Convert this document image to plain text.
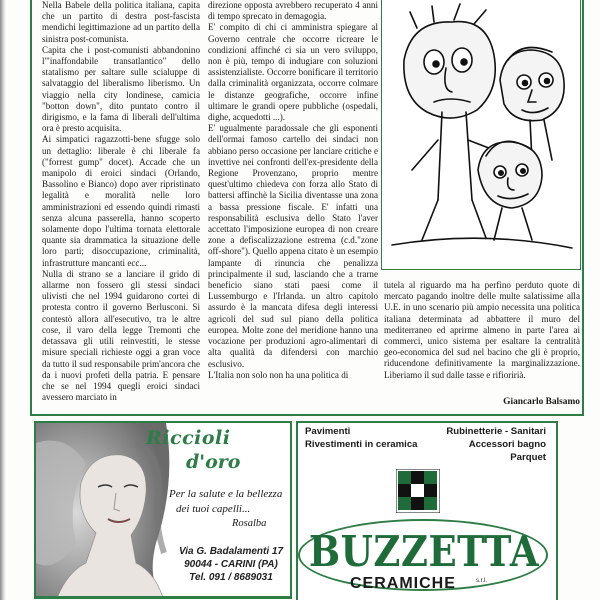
Nella Babele della politica italiana, capita che un partito di destra post-fascista mendichi legittimazione ad un partito della sinistra post-comunista.

Capita che i post-comunisti abbandonino l'"inaffondabile transatlantico" dello statalismo per saltare sulle scialuppe di salvataggio del liberalismo liberismo. Un viaggio nella city londinese, camicia "botton down", dito puntato contro il dirigismo, e la fama di liberali dell'ultima ora è presto acquisita.

Ai simpatici ragazzotti-bene sfugge solo un dettaglio: liberale è chi liberale fa ("forrest gump" docet). Accade che un manipolo di eroici sindaci (Orlando, Bassolino e Bianco) dopo aver ripristinato legalità e moralità nelle loro amministrazioni ed essendo quindi rimasti senza alcuna passerella, hanno scoperto solamente dopo l'ultima tornata elettorale quante sia drammatica la situazione delle loro parti; disoccupazione, criminalità, infrastrutture mancanti ecc...

Nulla di strano se a lanciare il grido di allarme non fossero gli stessi sindaci ulivisti che nel 1994 guidarono cortei di protesta contro il governo Berlusconi. Si contestò allora all'esecutivo, tra le altre cose, il varo della legge Tremonti che detassava gli utili reinvestiti, le stesse misure speciali richieste oggi a gran voce da tutto il sud responsabile prim'ancora che da i nuovi profeti della patria. E pensare che se nel 1994 quegli eroici sindaci avessero marciato in

direzione opposta avrebbero recuperato 4 anni di tempo sprecato in demagogia.

E' compito di chi ci amministra spiegare al Governo centrale che occorre ricreare le condizioni affinché ci sia un vero sviluppo, non è più, tempo di indugiare con soluzioni assistenzialiste. Occorre bonificare il territorio dalla criminalità organizzata, occorre colmare le distanze geografiche, occorre infine ultimare le grandi opere pubbliche (ospedali, dighe, acquedotti ...).

E' ugualmente paradossale che gli esponenti dell'ormai famoso cartello dei sindaci non abbiano perso occasione per lanciare critiche e invettive nei confronti dell'ex-presidente della Regione Provenzano, proprio mentre quest'ultimo chiedeva con forza allo Stato di battersi affinchè la Sicilia diventasse una zona a bassa pressione fiscale. E' infatti una responsabilità esclusiva dello Stato l'aver accettato l'imposizione europea di non creare zone a defiscalizzazione estrema (c.d."zone off-shore"). Quello appena citato è un esempio lampante di rinuncia che penalizza principalmente il sud, lasciando che a trarne beneficio siano stati paesi come il Lussemburgo e l'Irlanda. un altro capitolo assurdo è la mancata difesa degli interessi agricoli del sud sul piano della politica europea. Molte zone del meridione hanno una vocazione per produzioni agro-alimentari di alta qualità da difendersi con marchio esclusivo.

L'Italia non solo non ha una politica di

tutela al riguardo ma ha perfino perduto quote di mercato pagando inoltre delle multe salatissime alla U.E. in uno scenario più ampio necessita una politica italiana determinata ad abbattere il muro del mediterraneo ed aprirme almeno in parte l'area ai commerci, unico sistema per esaltare la centralità geo-economica del sud nel bacino che gli è proprio, riducendone definitivamente la marginalizzazione. Liberiamo il sud dalle tasse e rifioririà.

Giancarlo Balsamo
Riccioli
d'oro
Per la salute e la bellezza
dei tuoi capelli...
Rosalba
Via G. Badalamenti 17
90044 - CARINI (PA)
Tel. 091 / 8689031
Pavimenti
Rivestimenti in ceramica
Rubinetterie - Sanitari
Accessori bagno
Parquet
BUZZETTA
CERAMICHE	s.r.l.
